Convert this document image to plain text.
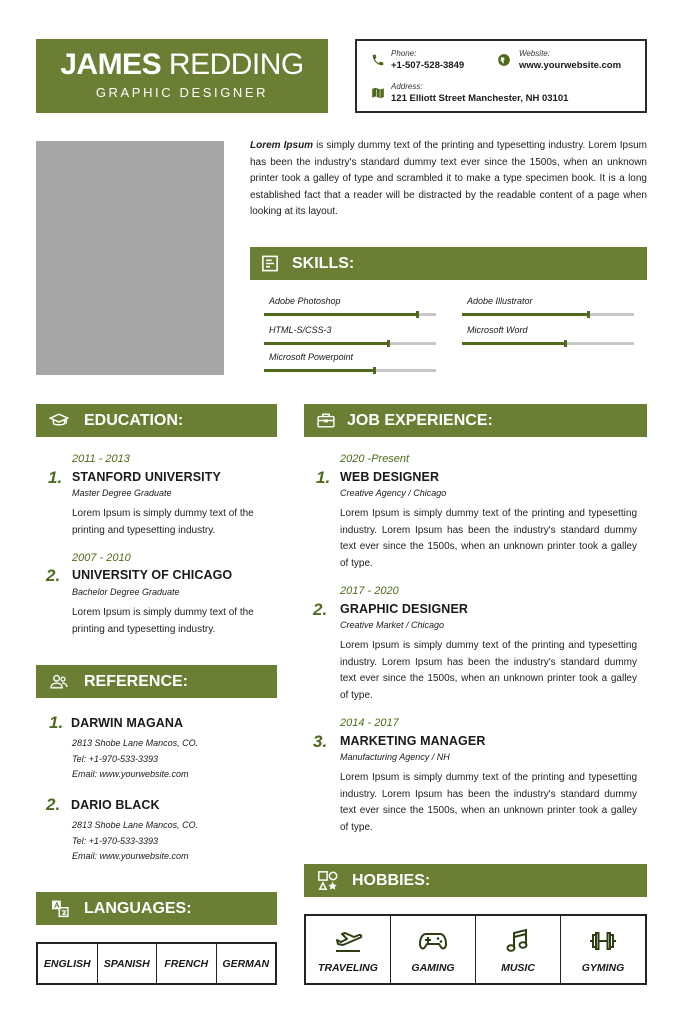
JAMES REDDING
GRAPHIC DESIGNER
Phone:
+1-507-528-3849
Website:
www.yourwebsite.com
Address:
121 Elliott Street Manchester, NH 03101
Lorem Ipsum is simply dummy text of the printing and typesetting industry. Lorem Ipsum has been the industry's standard dummy text ever since the 1500s, when an unknown printer took a galley of type and scrambled it to make a type specimen book. It is a long established fact that a reader will be distracted by the readable content of a page when looking at its layout.
SKILLS:
Adobe Photoshop	Adobe Illustrator
HTML-S/CSS-3	Microsoft Word
Microsoft Powerpoint
EDUCATION:
1.
2011 - 2013
STANFORD UNIVERSITY
Master Degree Graduate
Lorem Ipsum is simply dummy text of the printing and typesetting industry.
2.
2007 - 2010
UNIVERSITY OF CHICAGO
Bachelor Degree Graduate
Lorem Ipsum is simply dummy text of the printing and typesetting industry.
REFERENCE:
1. DARWIN MAGANA
2813 Shobe Lane Mancos, CO.
Tel: +1-970-533-3393
Email: www.yourwebsite.com
2. DARIO BLACK
2813 Shobe Lane Mancos, CO.
Tel: +1-970-533-3393
Email: www.yourwebsite.com
LANGUAGES:
ENGLISH	SPANISH	FRENCH	GERMAN
JOB EXPERIENCE:
1.
2020 -Present
WEB DESIGNER
Creative Agency / Chicago
Lorem Ipsum is simply dummy text of the printing and typesetting industry. Lorem Ipsum has been the industry's standard dummy text ever since the 1500s, when an unknown printer took a galley of type.
2.
2017 - 2020
GRAPHIC DESIGNER
Creative Market / Chicago
Lorem Ipsum is simply dummy text of the printing and typesetting industry. Lorem Ipsum has been the industry's standard dummy text ever since the 1500s, when an unknown printer took a galley of type.
3.
2014 - 2017
MARKETING MANAGER
Manufacturing Agency / NH
Lorem Ipsum is simply dummy text of the printing and typesetting industry. Lorem Ipsum has been the industry's standard dummy text ever since the 1500s, when an unknown printer took a galley of type.
HOBBIES:
TRAVELING	GAMING	MUSIC	GYMING
